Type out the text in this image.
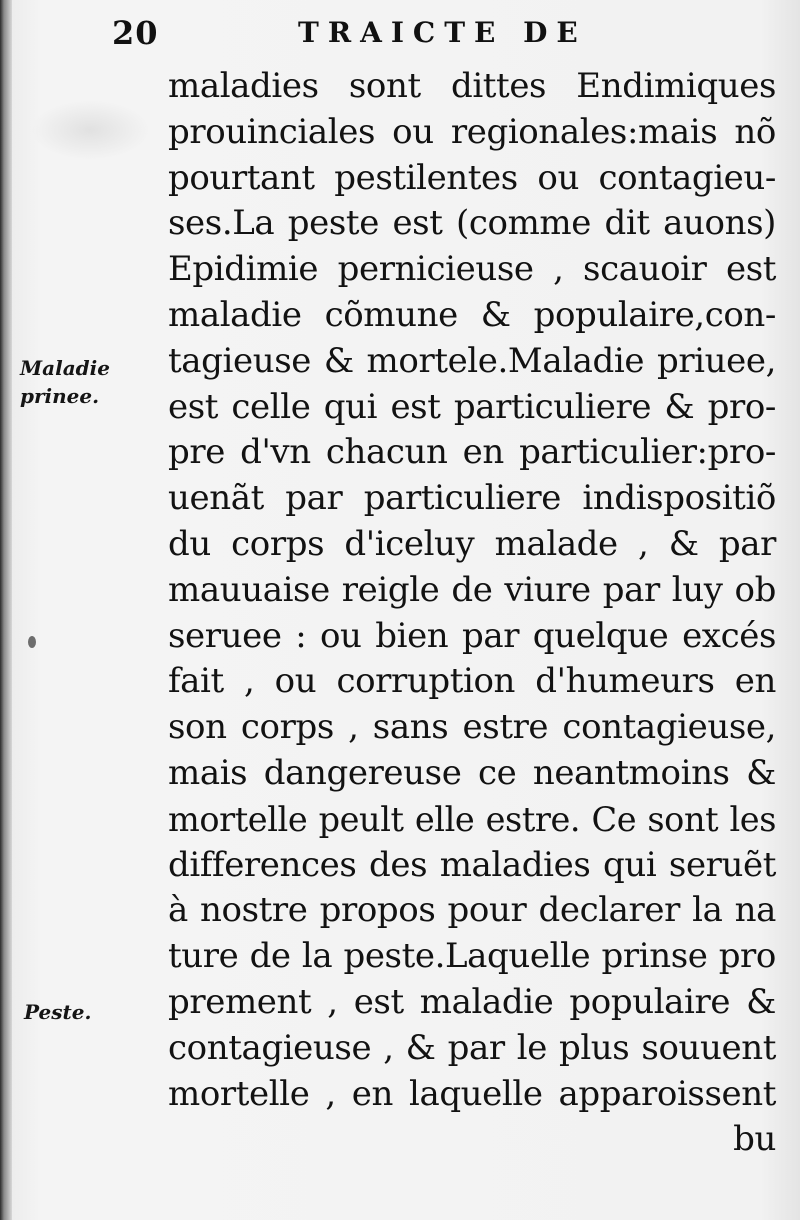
20	TRAICTE DE
Maladie prinee.
Peste.
maladies sont dittes Endimiques
prouinciales ou regionales:mais nõ
pourtant pestilentes ou contagieu-
ses.La peste est (comme dit auons)
Epidimie pernicieuse , scauoir est
maladie cõmune & populaire,con-
tagieuse & mortele.Maladie priuee,
est celle qui est particuliere & pro-
pre d'vn chacun en particulier:pro-
uenãt par particuliere indispositiõ
du corps d'iceluy malade , & par
mauuaise reigle de viure par luy ob
seruee : ou bien par quelque excés
fait , ou corruption d'humeurs en
son corps , sans estre contagieuse,
mais dangereuse ce neantmoins &
mortelle peult elle estre. Ce sont les
differences des maladies qui seruẽt
à nostre propos pour declarer la na
ture de la peste.Laquelle prinse pro
prement , est maladie populaire &
contagieuse , & par le plus souuent
mortelle , en laquelle apparoissent
bu
